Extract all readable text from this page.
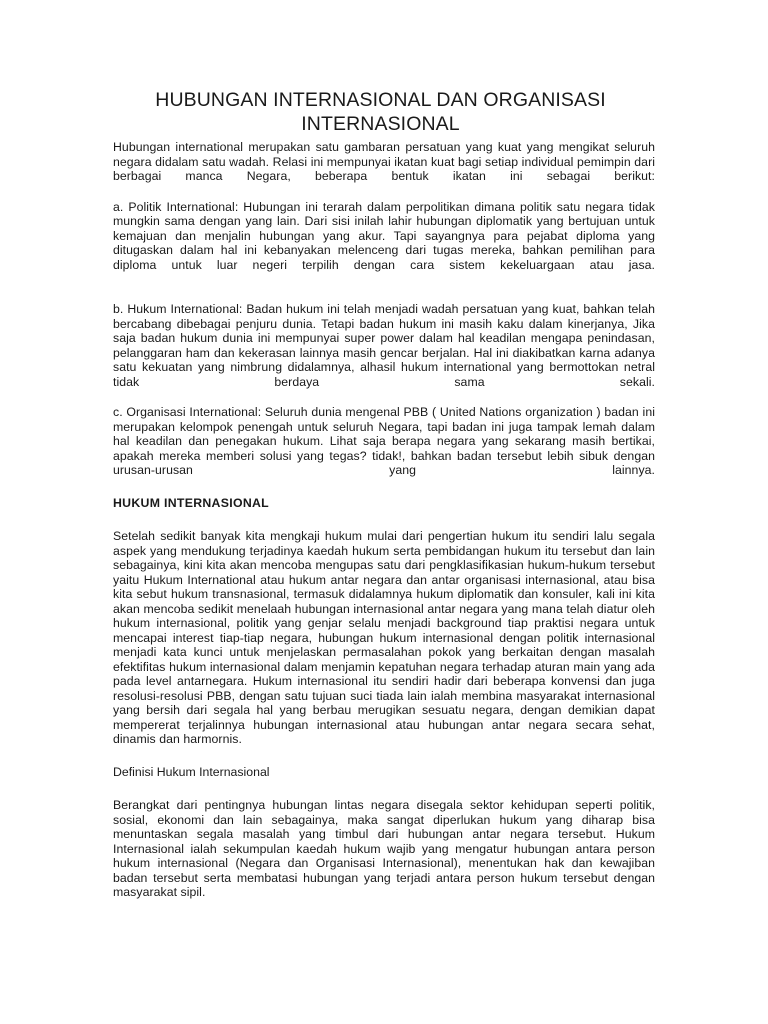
HUBUNGAN INTERNASIONAL DAN ORGANISASI
INTERNASIONAL

Hubungan international merupakan satu gambaran persatuan yang kuat yang mengikat seluruh negara didalam satu wadah. Relasi ini mempunyai ikatan kuat bagi setiap individual pemimpin dari berbagai manca Negara, beberapa bentuk ikatan ini sebagai berikut:

a. Politik International: Hubungan ini terarah dalam perpolitikan dimana politik satu negara tidak mungkin sama dengan yang lain. Dari sisi inilah lahir hubungan diplomatik yang bertujuan untuk kemajuan dan menjalin hubungan yang akur. Tapi sayangnya para pejabat diploma yang ditugaskan dalam hal ini kebanyakan melenceng dari tugas mereka, bahkan pemilihan para diploma untuk luar negeri terpilih dengan cara sistem kekeluargaan atau jasa.

b. Hukum International: Badan hukum ini telah menjadi wadah persatuan yang kuat, bahkan telah bercabang dibebagai penjuru dunia. Tetapi badan hukum ini masih kaku dalam kinerjanya, Jika saja badan hukum dunia ini mempunyai super power dalam hal keadilan mengapa penindasan, pelanggaran ham dan kekerasan lainnya masih gencar berjalan. Hal ini diakibatkan karna adanya satu kekuatan yang nimbrung didalamnya, alhasil hukum international yang bermottokan netral tidak berdaya sama sekali.

c. Organisasi International: Seluruh dunia mengenal PBB ( United Nations organization ) badan ini merupakan kelompok penengah untuk seluruh Negara, tapi badan ini juga tampak lemah dalam hal keadilan dan penegakan hukum. Lihat saja berapa negara yang sekarang masih bertikai, apakah mereka memberi solusi yang tegas? tidak!, bahkan badan tersebut lebih sibuk dengan urusan-urusan yang lainnya.

HUKUM INTERNASIONAL

Setelah sedikit banyak kita mengkaji hukum mulai dari pengertian hukum itu sendiri lalu segala aspek yang mendukung terjadinya kaedah hukum serta pembidangan hukum itu tersebut dan lain sebagainya, kini kita akan mencoba mengupas satu dari pengklasifikasian hukum-hukum tersebut yaitu Hukum International atau hukum antar negara dan antar organisasi internasional, atau bisa kita sebut hukum transnasional, termasuk didalamnya hukum diplomatik dan konsuler, kali ini kita akan mencoba sedikit menelaah hubungan internasional antar negara yang mana telah diatur oleh hukum internasional, politik yang genjar selalu menjadi background tiap praktisi negara untuk mencapai interest tiap-tiap negara, hubungan hukum internasional dengan politik internasional menjadi kata kunci untuk menjelaskan permasalahan pokok yang berkaitan dengan masalah efektifitas hukum internasional dalam menjamin kepatuhan negara terhadap aturan main yang ada pada level antarnegara. Hukum internasional itu sendiri hadir dari beberapa konvensi dan juga resolusi-resolusi PBB, dengan satu tujuan suci tiada lain ialah membina masyarakat internasional yang bersih dari segala hal yang berbau merugikan sesuatu negara, dengan demikian dapat mempererat terjalinnya hubungan internasional atau hubungan antar negara secara sehat, dinamis dan harmornis.

Definisi Hukum Internasional

Berangkat dari pentingnya hubungan lintas negara disegala sektor kehidupan seperti politik, sosial, ekonomi dan lain sebagainya, maka sangat diperlukan hukum yang diharap bisa menuntaskan segala masalah yang timbul dari hubungan antar negara tersebut. Hukum Internasional ialah sekumpulan kaedah hukum wajib yang mengatur hubungan antara person hukum internasional (Negara dan Organisasi Internasional), menentukan hak dan kewajiban badan tersebut serta membatasi hubungan yang terjadi antara person hukum tersebut dengan masyarakat sipil.
